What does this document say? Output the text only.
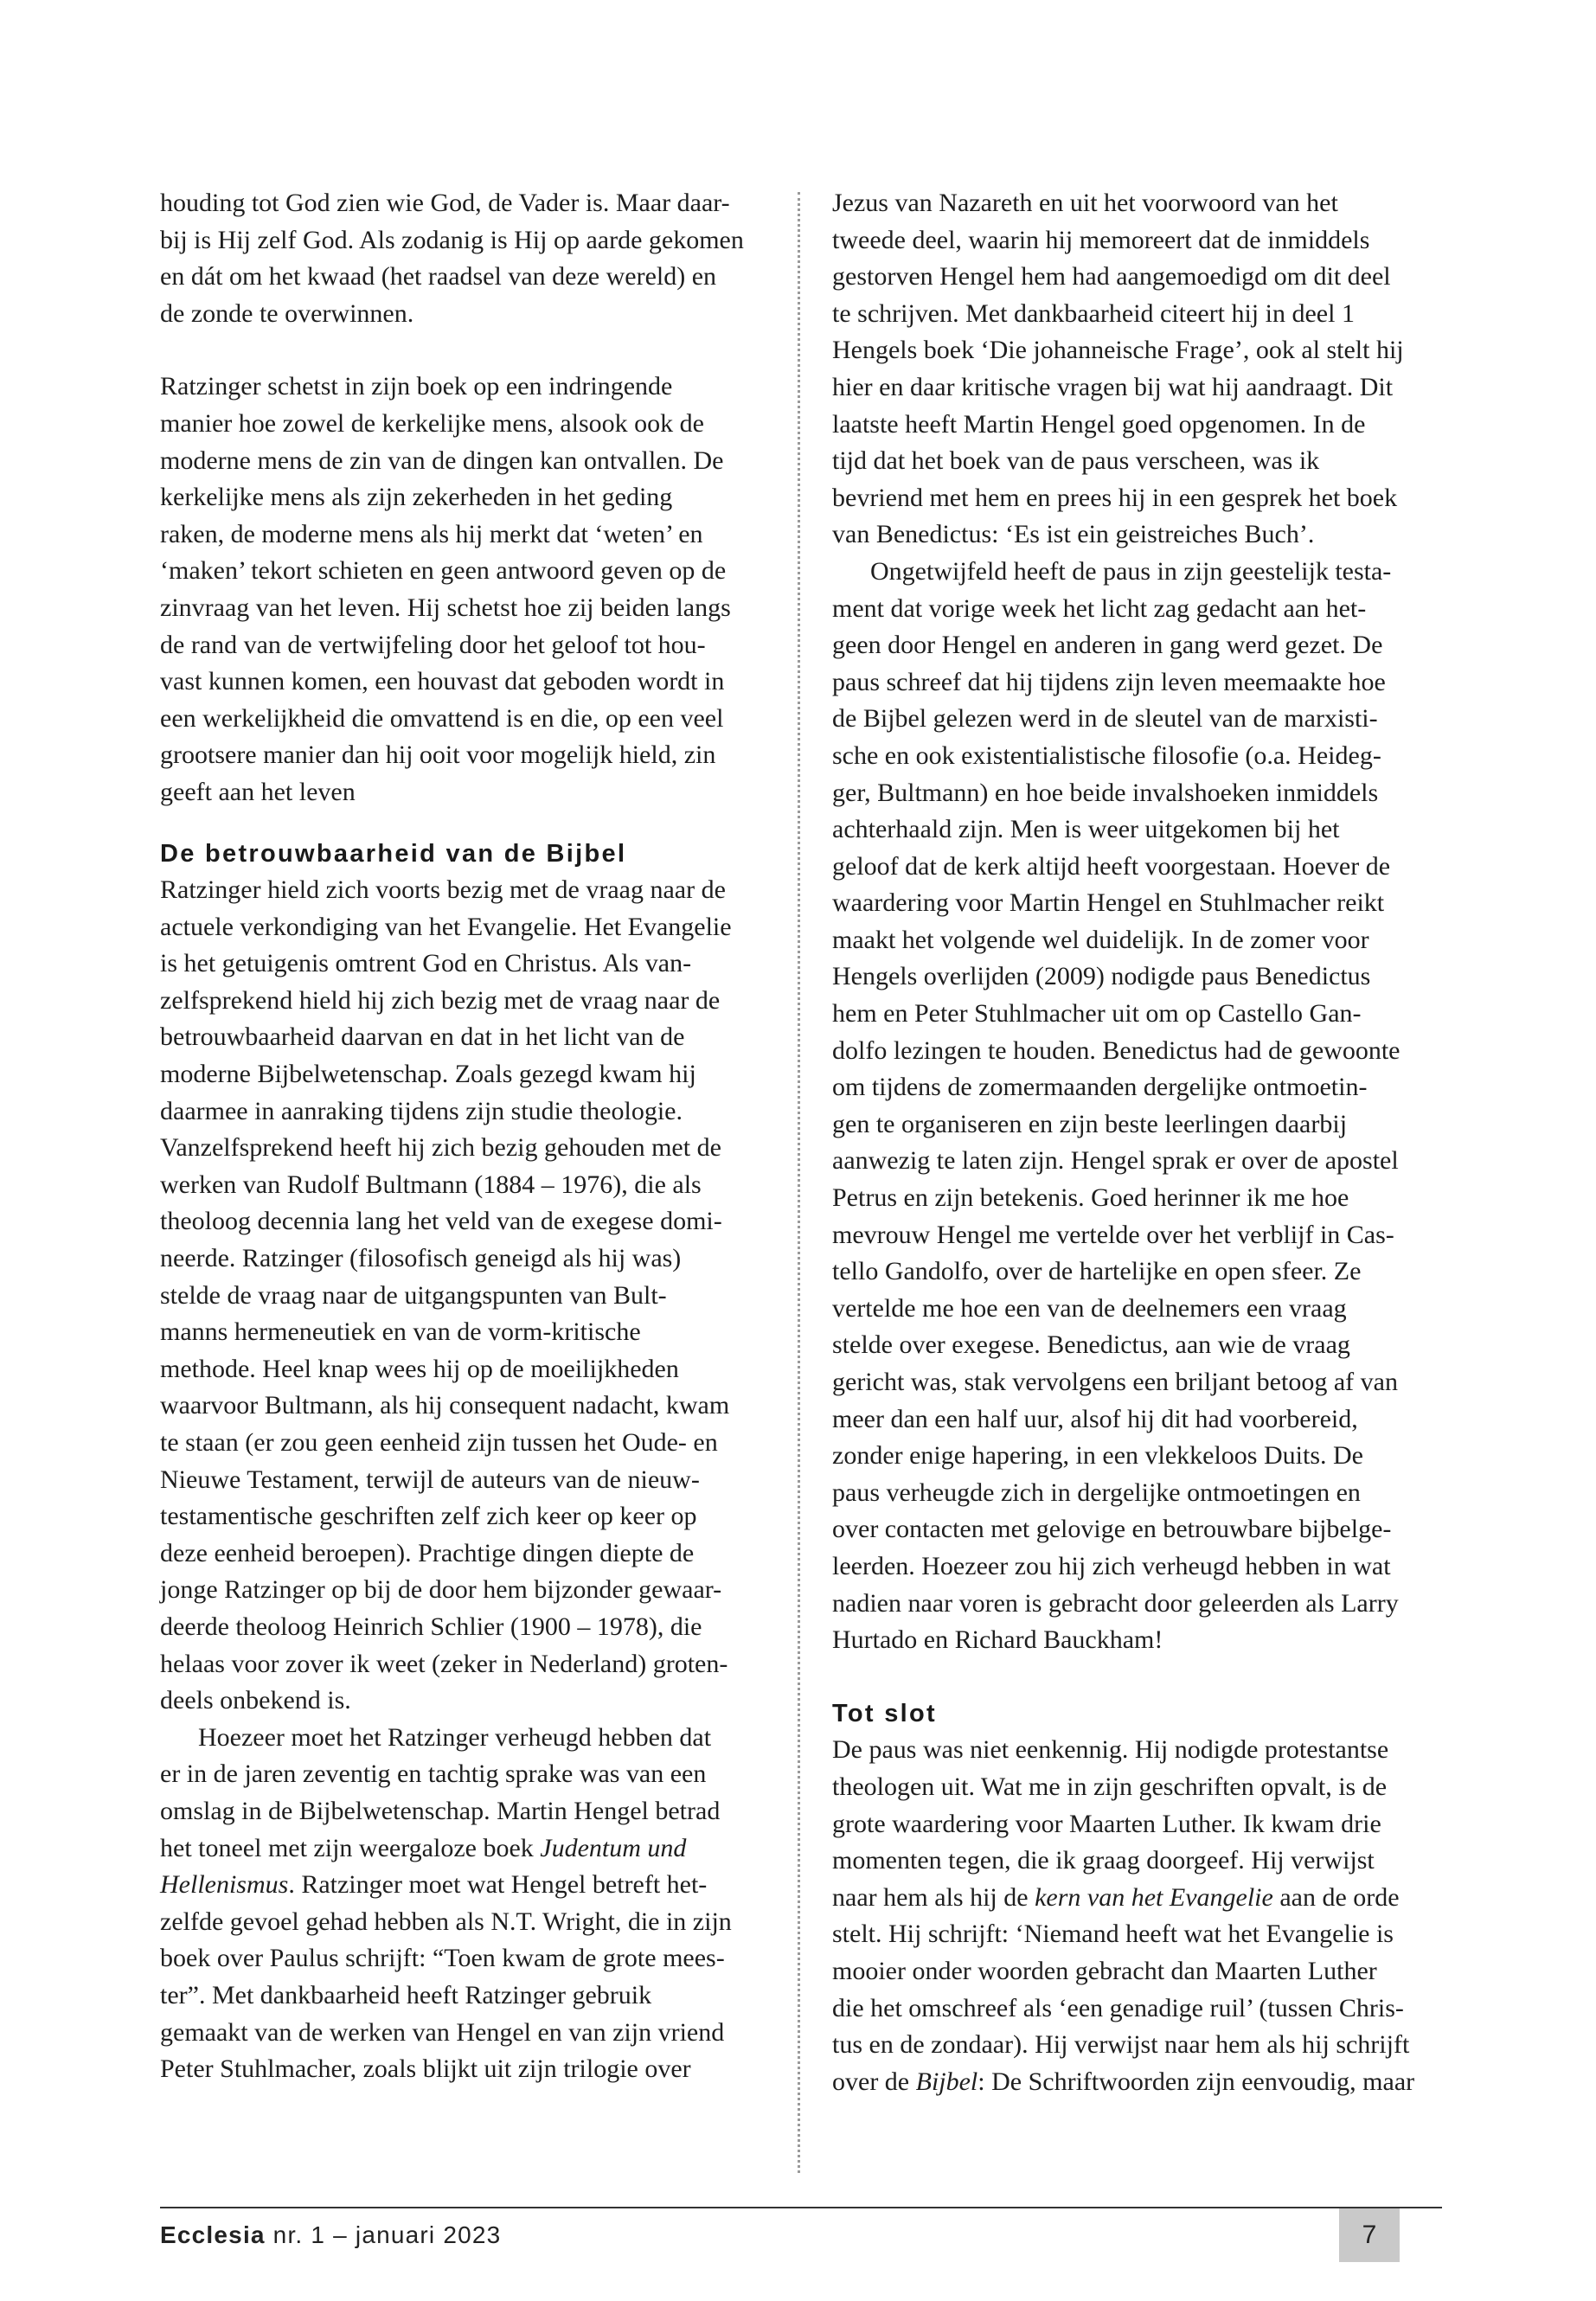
houding tot God zien wie God, de Vader is. Maar daar-

bij is Hij zelf God. Als zodanig is Hij op aarde gekomen

en dát om het kwaad (het raadsel van deze wereld) en

de zonde te overwinnen.

Ratzinger schetst in zijn boek op een indringende

manier hoe zowel de kerkelijke mens, alsook ook de

moderne mens de zin van de dingen kan ontvallen. De

kerkelijke mens als zijn zekerheden in het geding

raken, de moderne mens als hij merkt dat ‘weten’ en

‘maken’ tekort schieten en geen antwoord geven op de

zinvraag van het leven. Hij schetst hoe zij beiden langs

de rand van de vertwijfeling door het geloof tot hou-

vast kunnen komen, een houvast dat geboden wordt in

een werkelijkheid die omvattend is en die, op een veel

grootsere manier dan hij ooit voor mogelijk hield, zin

geeft aan het leven

De betrouwbaarheid van de Bijbel

Ratzinger hield zich voorts bezig met de vraag naar de

actuele verkondiging van het Evangelie. Het Evangelie

is het getuigenis omtrent God en Christus. Als van-

zelfsprekend hield hij zich bezig met de vraag naar de

betrouwbaarheid daarvan en dat in het licht van de

moderne Bijbelwetenschap. Zoals gezegd kwam hij

daarmee in aanraking tijdens zijn studie theologie.

Vanzelfsprekend heeft hij zich bezig gehouden met de

werken van Rudolf Bultmann (1884 – 1976), die als

theoloog decennia lang het veld van de exegese domi-

neerde. Ratzinger (filosofisch geneigd als hij was)

stelde de vraag naar de uitgangspunten van Bult-

manns hermeneutiek en van de vorm-kritische

methode. Heel knap wees hij op de moeilijkheden

waarvoor Bultmann, als hij consequent nadacht, kwam

te staan (er zou geen eenheid zijn tussen het Oude- en

Nieuwe Testament, terwijl de auteurs van de nieuw-

testamentische geschriften zelf zich keer op keer op

deze eenheid beroepen). Prachtige dingen diepte de

jonge Ratzinger op bij de door hem bijzonder gewaar-

deerde theoloog Heinrich Schlier (1900 – 1978), die

helaas voor zover ik weet (zeker in Nederland) groten-

deels onbekend is.

Hoezeer moet het Ratzinger verheugd hebben dat

er in de jaren zeventig en tachtig sprake was van een

omslag in de Bijbelwetenschap. Martin Hengel betrad

het toneel met zijn weergaloze boek Judentum und

Hellenismus. Ratzinger moet wat Hengel betreft het-

zelfde gevoel gehad hebben als N.T. Wright, die in zijn

boek over Paulus schrijft: “Toen kwam de grote mees-

ter”. Met dankbaarheid heeft Ratzinger gebruik

gemaakt van de werken van Hengel en van zijn vriend

Peter Stuhlmacher, zoals blijkt uit zijn trilogie over

Jezus van Nazareth en uit het voorwoord van het

tweede deel, waarin hij memoreert dat de inmiddels

gestorven Hengel hem had aangemoedigd om dit deel

te schrijven. Met dankbaarheid citeert hij in deel 1

Hengels boek ‘Die johanneische Frage’, ook al stelt hij

hier en daar kritische vragen bij wat hij aandraagt. Dit

laatste heeft Martin Hengel goed opgenomen. In de

tijd dat het boek van de paus verscheen, was ik

bevriend met hem en prees hij in een gesprek het boek

van Benedictus: ‘Es ist ein geistreiches Buch’.

Ongetwijfeld heeft de paus in zijn geestelijk testa-

ment dat vorige week het licht zag gedacht aan het-

geen door Hengel en anderen in gang werd gezet. De

paus schreef dat hij tijdens zijn leven meemaakte hoe

de Bijbel gelezen werd in de sleutel van de marxisti-

sche en ook existentialistische filosofie (o.a. Heideg-

ger, Bultmann) en hoe beide invalshoeken inmiddels

achterhaald zijn. Men is weer uitgekomen bij het

geloof dat de kerk altijd heeft voorgestaan. Hoever de

waardering voor Martin Hengel en Stuhlmacher reikt

maakt het volgende wel duidelijk. In de zomer voor

Hengels overlijden (2009) nodigde paus Benedictus

hem en Peter Stuhlmacher uit om op Castello Gan-

dolfo lezingen te houden. Benedictus had de gewoonte

om tijdens de zomermaanden dergelijke ontmoetin-

gen te organiseren en zijn beste leerlingen daarbij

aanwezig te laten zijn. Hengel sprak er over de apostel

Petrus en zijn betekenis. Goed herinner ik me hoe

mevrouw Hengel me vertelde over het verblijf in Cas-

tello Gandolfo, over de hartelijke en open sfeer. Ze

vertelde me hoe een van de deelnemers een vraag

stelde over exegese. Benedictus, aan wie de vraag

gericht was, stak vervolgens een briljant betoog af van

meer dan een half uur, alsof hij dit had voorbereid,

zonder enige hapering, in een vlekkeloos Duits. De

paus verheugde zich in dergelijke ontmoetingen en

over contacten met gelovige en betrouwbare bijbelge-

leerden. Hoezeer zou hij zich verheugd hebben in wat

nadien naar voren is gebracht door geleerden als Larry

Hurtado en Richard Bauckham!

Tot slot

De paus was niet eenkennig. Hij nodigde protestantse

theologen uit. Wat me in zijn geschriften opvalt, is de

grote waardering voor Maarten Luther. Ik kwam drie

momenten tegen, die ik graag doorgeef. Hij verwijst

naar hem als hij de kern van het Evangelie aan de orde

stelt. Hij schrijft: ‘Niemand heeft wat het Evangelie is

mooier onder woorden gebracht dan Maarten Luther

die het omschreef als ‘een genadige ruil’ (tussen Chris-

tus en de zondaar). Hij verwijst naar hem als hij schrijft

over de Bijbel: De Schriftwoorden zijn eenvoudig, maar

Ecclesia nr. 1 – januari 2023	7
